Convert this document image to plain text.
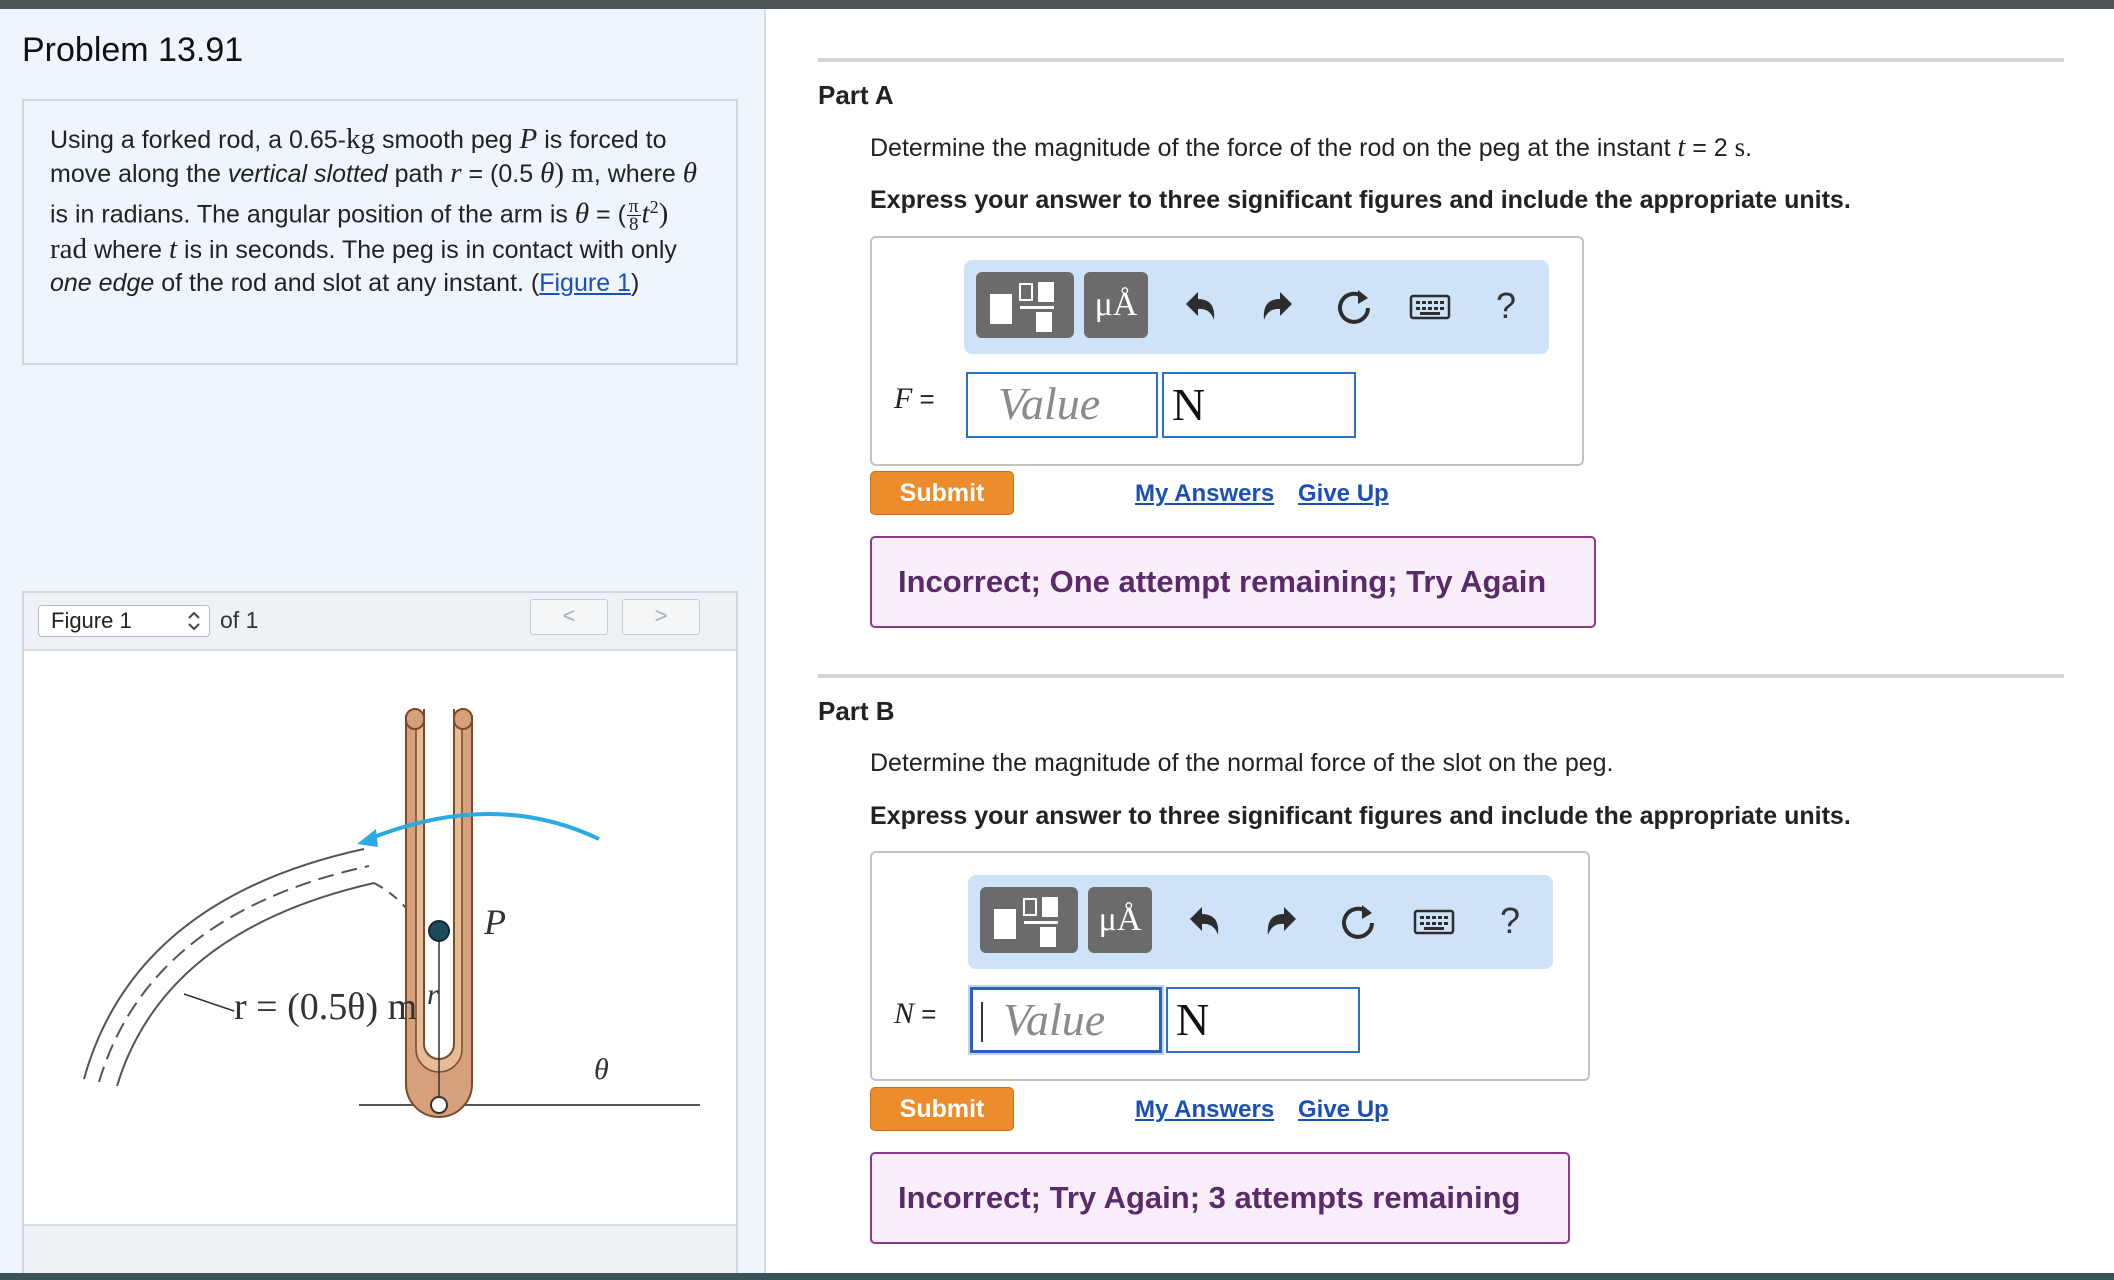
Problem 13.91
Using a forked rod, a 0.65-kg smooth peg P is forced to move along the vertical slotted path r = (0.5 θ) m, where θ is in radians. The angular position of the arm is θ = ( $\frac{\pi}{8} t^2$) rad where t is in seconds. The peg is in contact with only one edge of the rod and slot at any instant. (Figure 1)
Figure 1	of 1	<	>
r = (0.5θ) m
P
r
θ
Part A
Determine the magnitude of the force of the rod on the peg at the instant t = 2 s.
Express your answer to three significant figures and include the appropriate units.
μÅ	?
F =	Value	N
Submit	My Answers Give Up
Incorrect; One attempt remaining; Try Again
Part B
Determine the magnitude of the normal force of the slot on the peg.
Express your answer to three significant figures and include the appropriate units.
μÅ	?
N =	Value	N
Submit	My Answers Give Up
Incorrect; Try Again; 3 attempts remaining
